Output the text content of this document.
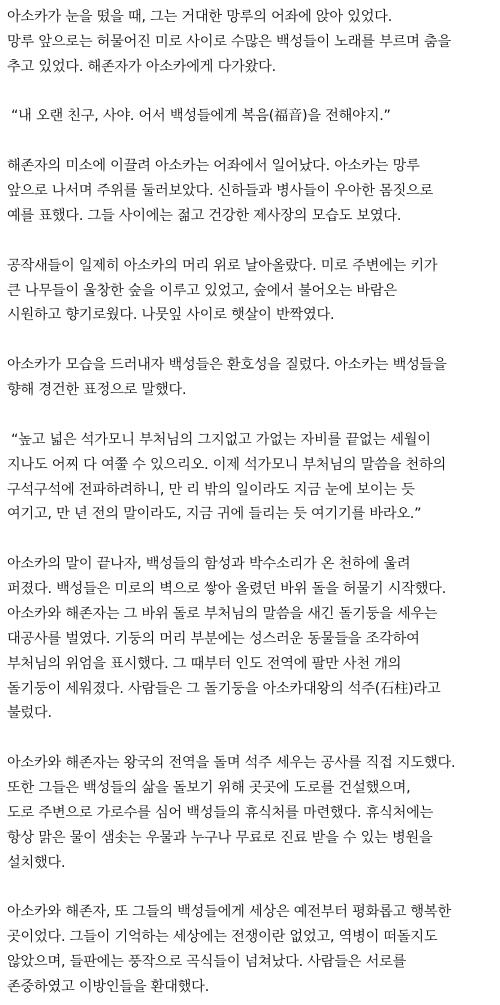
아소카가 눈을 떴을 때, 그는 거대한 망루의 어좌에 앉아 있었다.
망루 앞으로는 허물어진 미로 사이로 수많은 백성들이 노래를 부르며 춤을
추고 있었다. 해존자가 아소카에게 다가왔다.
“내 오랜 친구, 사야. 어서 백성들에게 복음(福音)을 전해야지.”
해존자의 미소에 이끌려 아소카는 어좌에서 일어났다. 아소카는 망루
앞으로 나서며 주위를 둘러보았다. 신하들과 병사들이 우아한 몸짓으로
예를 표했다. 그들 사이에는 젊고 건강한 제사장의 모습도 보였다.
공작새들이 일제히 아소카의 머리 위로 날아올랐다. 미로 주변에는 키가
큰 나무들이 울창한 숲을 이루고 있었고, 숲에서 불어오는 바람은
시원하고 향기로웠다. 나뭇잎 사이로 햇살이 반짝였다.
아소카가 모습을 드러내자 백성들은 환호성을 질렀다. 아소카는 백성들을
향해 경건한 표정으로 말했다.
“높고 넓은 석가모니 부처님의 그지없고 가없는 자비를 끝없는 세월이
지나도 어찌 다 여쭐 수 있으리오. 이제 석가모니 부처님의 말씀을 천하의
구석구석에 전파하려하니, 만 리 밖의 일이라도 지금 눈에 보이는 듯
여기고, 만 년 전의 말이라도, 지금 귀에 들리는 듯 여기기를 바라오.”
아소카의 말이 끝나자, 백성들의 함성과 박수소리가 온 천하에 울려
퍼졌다. 백성들은 미로의 벽으로 쌓아 올렸던 바위 돌을 허물기 시작했다.
아소카와 해존자는 그 바위 돌로 부처님의 말씀을 새긴 돌기둥을 세우는
대공사를 벌였다. 기둥의 머리 부분에는 성스러운 동물들을 조각하여
부처님의 위엄을 표시했다. 그 때부터 인도 전역에 팔만 사천 개의
돌기둥이 세워졌다. 사람들은 그 돌기둥을 아소카대왕의 석주(石柱)라고
불렀다.
아소카와 해존자는 왕국의 전역을 돌며 석주 세우는 공사를 직접 지도했다.
또한 그들은 백성들의 삶을 돌보기 위해 곳곳에 도로를 건설했으며,
도로 주변으로 가로수를 심어 백성들의 휴식처를 마련했다. 휴식처에는
항상 맑은 물이 샘솟는 우물과 누구나 무료로 진료 받을 수 있는 병원을
설치했다.
아소카와 해존자, 또 그들의 백성들에게 세상은 예전부터 평화롭고 행복한
곳이었다. 그들이 기억하는 세상에는 전쟁이란 없었고, 역병이 떠돌지도
않았으며, 들판에는 풍작으로 곡식들이 넘쳐났다. 사람들은 서로를
존중하였고 이방인들을 환대했다.
